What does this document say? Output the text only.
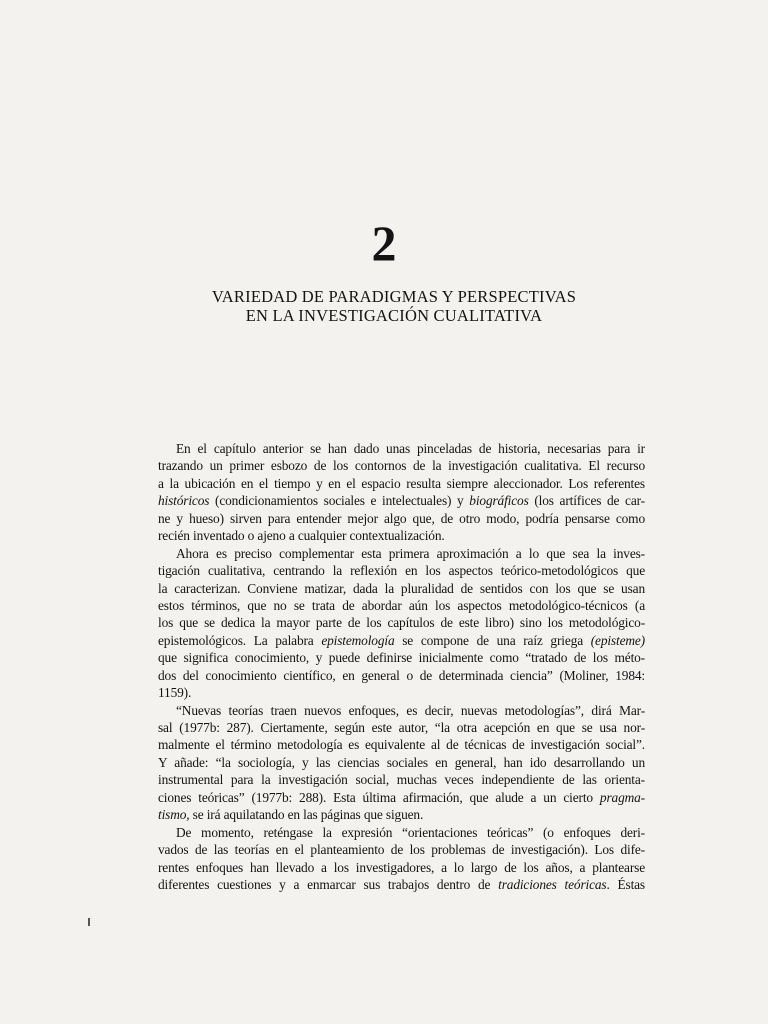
2
VARIEDAD DE PARADIGMAS Y PERSPECTIVAS
EN LA INVESTIGACIÓN CUALITATIVA
En el capítulo anterior se han dado unas pinceladas de historia, necesarias para ir
trazando un primer esbozo de los contornos de la investigación cualitativa. El recurso
a la ubicación en el tiempo y en el espacio resulta siempre aleccionador. Los referentes
históricos (condicionamientos sociales e intelectuales) y biográficos (los artífices de car-
ne y hueso) sirven para entender mejor algo que, de otro modo, podría pensarse como
recién inventado o ajeno a cualquier contextualización.
Ahora es preciso complementar esta primera aproximación a lo que sea la inves-
tigación cualitativa, centrando la reflexión en los aspectos teórico-metodológicos que
la caracterizan. Conviene matizar, dada la pluralidad de sentidos con los que se usan
estos términos, que no se trata de abordar aún los aspectos metodológico-técnicos (a
los que se dedica la mayor parte de los capítulos de este libro) sino los metodológico-
epistemológicos. La palabra epistemología se compone de una raíz griega (episteme)
que significa conocimiento, y puede definirse inicialmente como “tratado de los méto-
dos del conocimiento científico, en general o de determinada ciencia” (Moliner, 1984:
1159).
“Nuevas teorías traen nuevos enfoques, es decir, nuevas metodologías”, dirá Mar-
sal (1977b: 287). Ciertamente, según este autor, “la otra acepción en que se usa nor-
malmente el término metodología es equivalente al de técnicas de investigación social”.
Y añade: “la sociología, y las ciencias sociales en general, han ido desarrollando un
instrumental para la investigación social, muchas veces independiente de las orienta-
ciones teóricas” (1977b: 288). Esta última afirmación, que alude a un cierto pragma-
tismo, se irá aquilatando en las páginas que siguen.
De momento, reténgase la expresión “orientaciones teóricas” (o enfoques deri-
vados de las teorías en el planteamiento de los problemas de investigación). Los dife-
rentes enfoques han llevado a los investigadores, a lo largo de los años, a plantearse
diferentes cuestiones y a enmarcar sus trabajos dentro de tradiciones teóricas. Éstas
